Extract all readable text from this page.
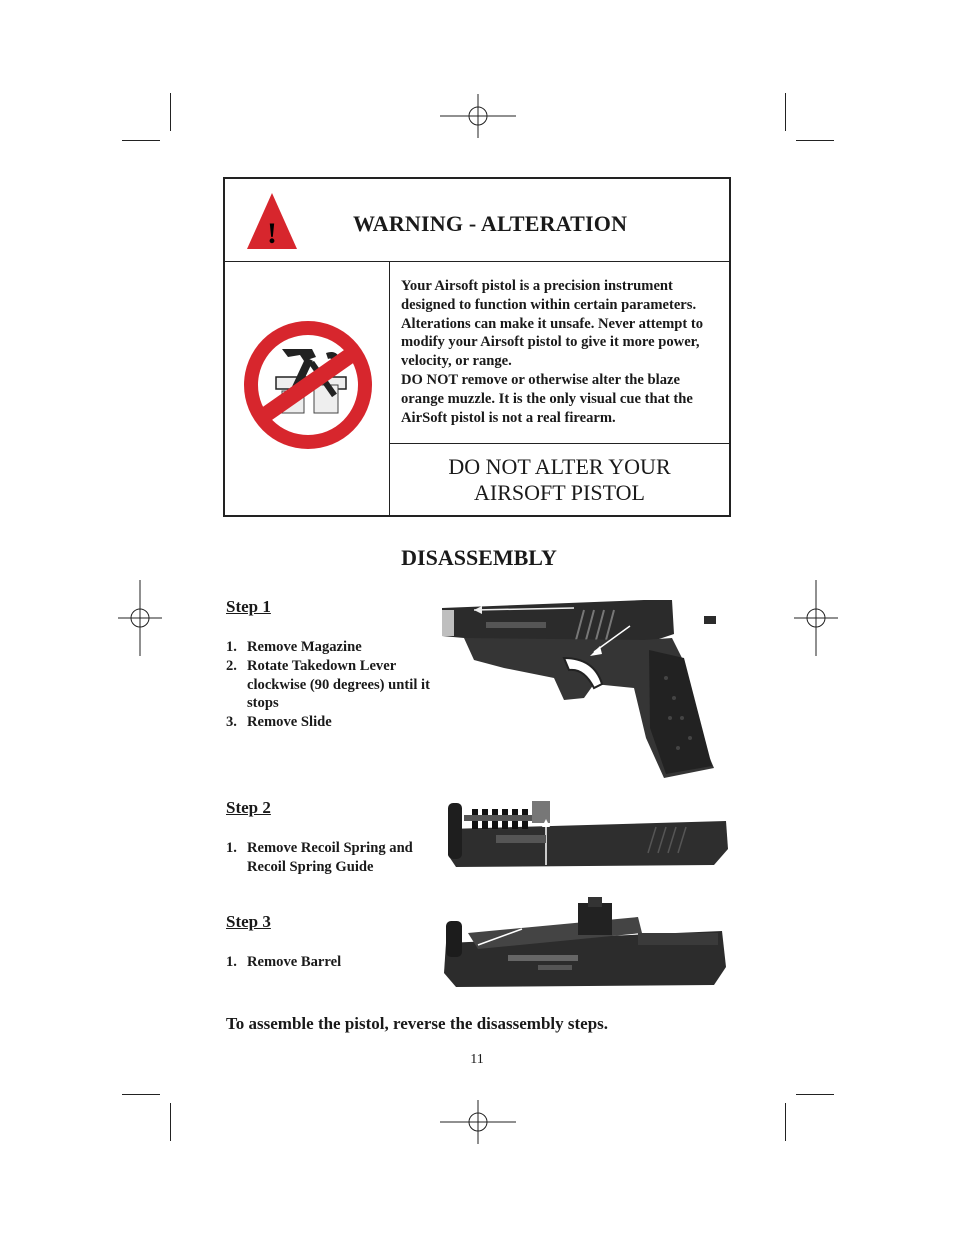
!	WARNING - ALTERATION

Your Airsoft pistol is a precision instrument designed to function within certain parameters. Alterations can make it unsafe. Never attempt to modify your Airsoft pistol to give it more power, velocity, or range.

DO NOT remove or otherwise alter the blaze orange muzzle. It is the only visual cue that the AirSoft pistol is not a real firearm.

DO NOT ALTER YOUR
AIRSOFT PISTOL
DISASSEMBLY
Step 1
1. Remove Magazine
2. Rotate Takedown Lever clockwise (90 degrees) until it stops
3. Remove Slide
Step 2
1. Remove Recoil Spring and Recoil Spring Guide
Step 3
1. Remove Barrel
To assemble the pistol, reverse the disassembly steps.
11
